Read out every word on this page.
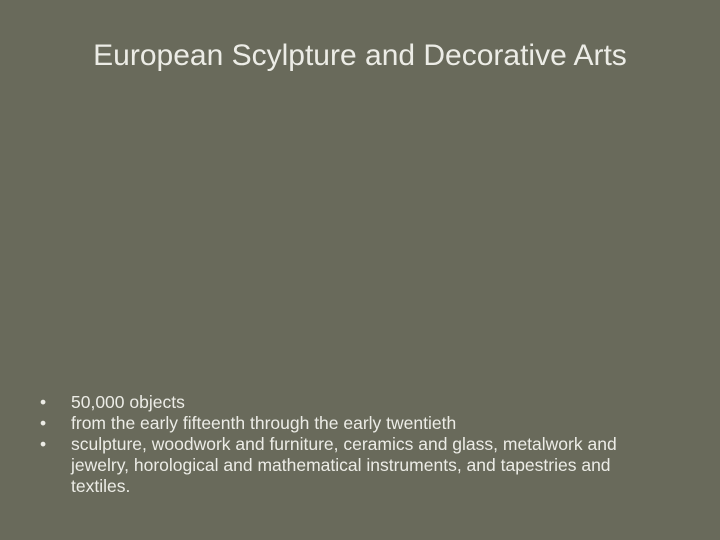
European Scylpture and Decorative Arts
•	50,000 objects
•	from the early fifteenth through the early twentieth
•	sculpture, woodwork and furniture, ceramics and glass, metalwork and jewelry, horological and mathematical instruments, and tapestries and textiles.
